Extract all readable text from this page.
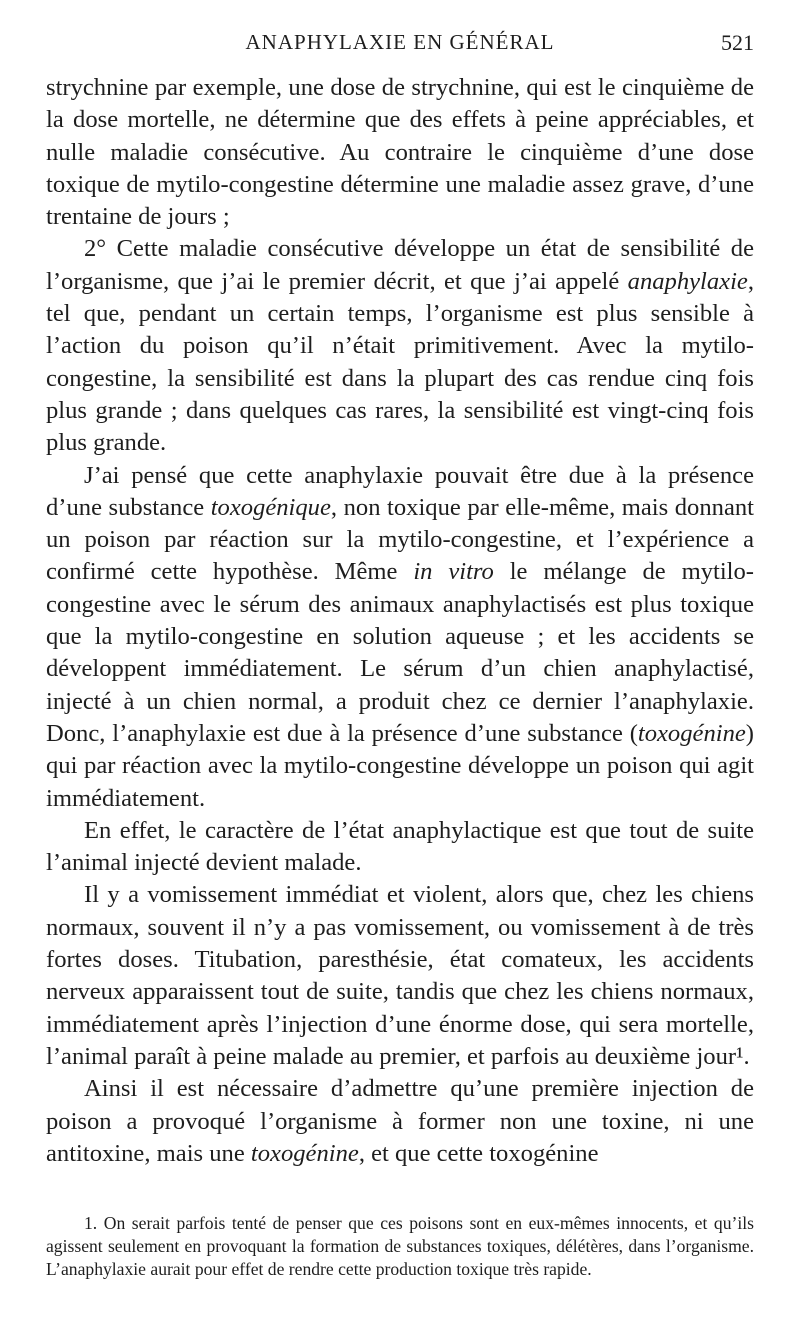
ANAPHYLAXIE EN GÉNÉRAL	521

strychnine par exemple, une dose de strychnine, qui est le cinquième de la dose mortelle, ne détermine que des effets à peine appréciables, et nulle maladie consécutive. Au contraire le cinquième d’une dose toxique de mytilo-congestine détermine une maladie assez grave, d’une trentaine de jours ;

2° Cette maladie consécutive développe un état de sensibilité de l’organisme, que j’ai le premier décrit, et que j’ai appelé anaphylaxie, tel que, pendant un certain temps, l’organisme est plus sensible à l’action du poison qu’il n’était primitivement. Avec la mytilo-congestine, la sensibilité est dans la plupart des cas rendue cinq fois plus grande ; dans quelques cas rares, la sensibilité est vingt-cinq fois plus grande.

J’ai pensé que cette anaphylaxie pouvait être due à la présence d’une substance toxogénique, non toxique par elle-même, mais donnant un poison par réaction sur la mytilo-congestine, et l’expérience a confirmé cette hypothèse. Même in vitro le mélange de mytilo-congestine avec le sérum des animaux anaphylactisés est plus toxique que la mytilo-congestine en solution aqueuse ; et les accidents se développent immédiatement. Le sérum d’un chien anaphylactisé, injecté à un chien normal, a produit chez ce dernier l’anaphylaxie. Donc, l’anaphylaxie est due à la présence d’une substance (toxogénine) qui par réaction avec la mytilo-congestine développe un poison qui agit immédiatement.

En effet, le caractère de l’état anaphylactique est que tout de suite l’animal injecté devient malade.

Il y a vomissement immédiat et violent, alors que, chez les chiens normaux, souvent il n’y a pas vomissement, ou vomissement à de très fortes doses. Titubation, paresthésie, état comateux, les accidents nerveux apparaissent tout de suite, tandis que chez les chiens normaux, immédiatement après l’injection d’une énorme dose, qui sera mortelle, l’animal paraît à peine malade au premier, et parfois au deuxième jour¹.

Ainsi il est nécessaire d’admettre qu’une première injection de poison a provoqué l’organisme à former non une toxine, ni une antitoxine, mais une toxogénine, et que cette toxogénine

1. On serait parfois tenté de penser que ces poisons sont en eux-mêmes innocents, et qu’ils agissent seulement en provoquant la formation de substances toxiques, délétères, dans l’organisme. L’anaphylaxie aurait pour effet de rendre cette production toxique très rapide.
